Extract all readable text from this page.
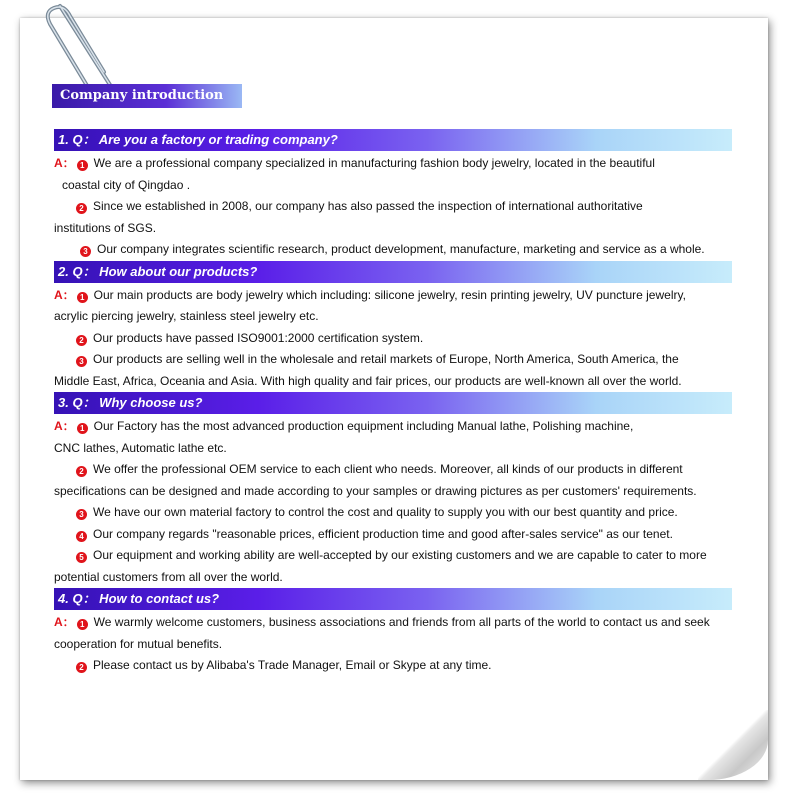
Company introduction
1. Q： Are you a factory or trading company?
A： 1 We are a professional company specialized in manufacturing fashion body jewelry, located in the beautiful
coastal city of Qingdao .
2 Since we established in 2008, our company has also passed the inspection of international authoritative
institutions of SGS.
3 Our company integrates scientific research, product development, manufacture, marketing and service as a whole.
2. Q： How about our products?
A： 1 Our main products are body jewelry which including: silicone jewelry, resin printing jewelry, UV puncture jewelry,
acrylic piercing jewelry, stainless steel jewelry etc.
2 Our products have passed ISO9001:2000 certification system.
3 Our products are selling well in the wholesale and retail markets of Europe, North America, South America, the
Middle East, Africa, Oceania and Asia. With high quality and fair prices, our products are well-known all over the world.
3. Q： Why choose us?
A： 1 Our Factory has the most advanced production equipment including Manual lathe, Polishing machine,
CNC lathes, Automatic lathe etc.
2 We offer the professional OEM service to each client who needs. Moreover, all kinds of our products in different
specifications can be designed and made according to your samples or drawing pictures as per customers' requirements.
3 We have our own material factory to control the cost and quality to supply you with our best quantity and price.
4 Our company regards "reasonable prices, efficient production time and good after-sales service" as our tenet.
5 Our equipment and working ability are well-accepted by our existing customers and we are capable to cater to more
potential customers from all over the world.
4. Q： How to contact us?
A： 1 We warmly welcome customers, business associations and friends from all parts of the world to contact us and seek
cooperation for mutual benefits.
2 Please contact us by Alibaba's Trade Manager, Email or Skype at any time.
